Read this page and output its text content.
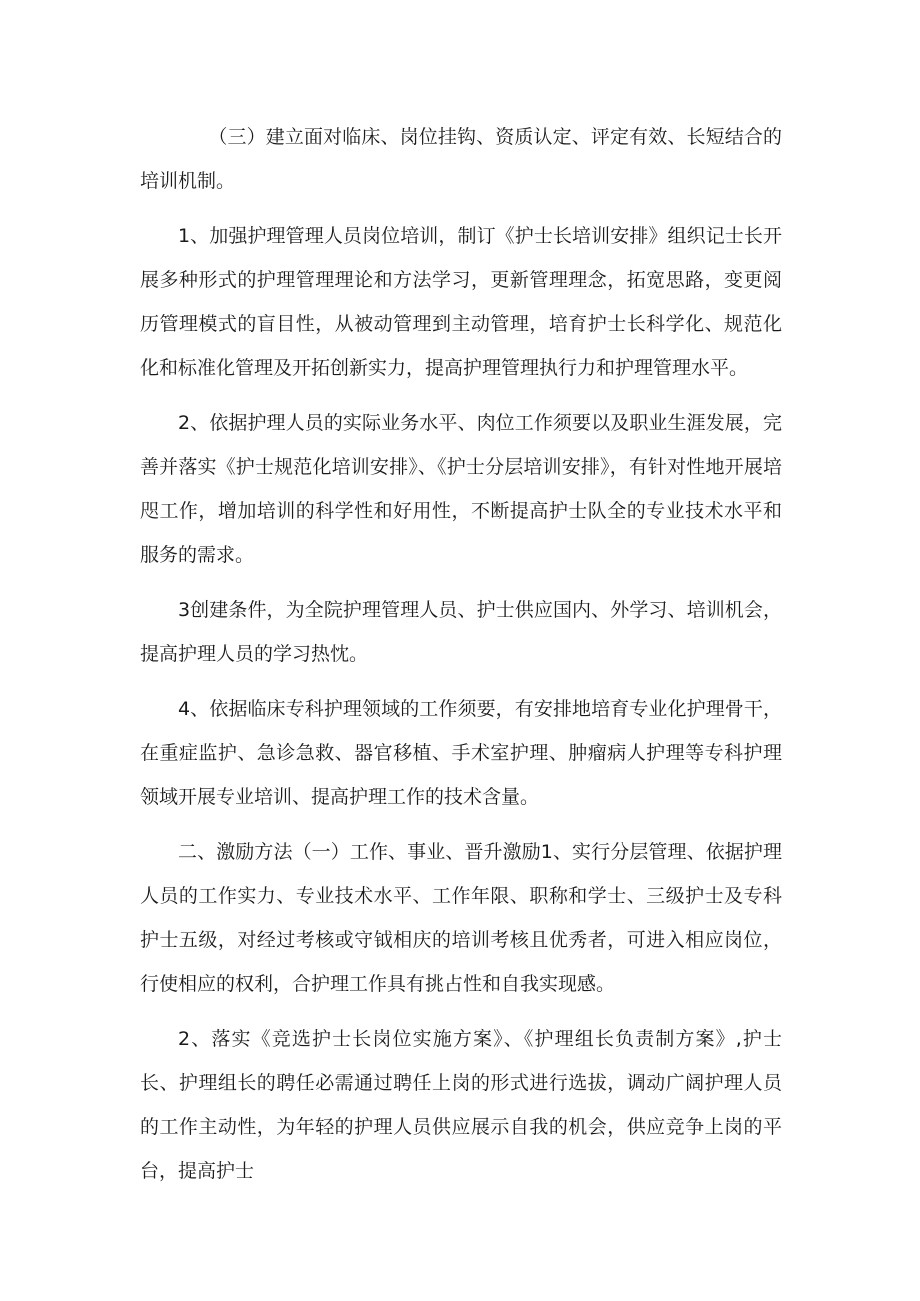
（三）建立面对临床、岗位挂钩、资质认定、评定有效、长短结合的培训机制。

1、加强护理管理人员岗位培训，制订《护士长培训安排》组织记士长开展多种形式的护理管理理论和方法学习，更新管理理念，拓宽思路，变更阅历管理模式的盲目性，从被动管理到主动管理，培育护士长科学化、规范化化和标准化管理及开拓创新实力，提高护理管理执行力和护理管理水平。

2、依据护理人员的实际业务水平、肉位工作须要以及职业生涯发展，完善并落实《护士规范化培训安排》、《护士分层培训安排》，有针对性地开展培咫工作，增加培训的科学性和好用性，不断提高护士队全的专业技术水平和服务的需求。

3创建条件，为全院护理管理人员、护士供应国内、外学习、培训机会，提高护理人员的学习热忱。

4、依据临床专科护理领域的工作须要，有安排地培育专业化护理骨干，在重症监护、急诊急救、器官移植、手术室护理、肿瘤病人护理等专科护理领域开展专业培训、提高护理工作的技术含量。

二、激励方法（一）工作、事业、晋升激励1、实行分层管理、依据护理人员的工作实力、专业技术水平、工作年限、职称和学士、三级护士及专科护士五级，对经过考核或守钺相庆的培训考核且优秀者，可进入相应岗位，行使相应的权利，合护理工作具有挑占性和自我实现感。

2、落实《竞选护士长岗位实施方案》、《护理组长负责制方案》,护士长、护理组长的聘任必需通过聘任上岗的形式进行选拔，调动广阔护理人员的工作主动性，为年轻的护理人员供应展示自我的机会，供应竞争上岗的平台，提高护士
